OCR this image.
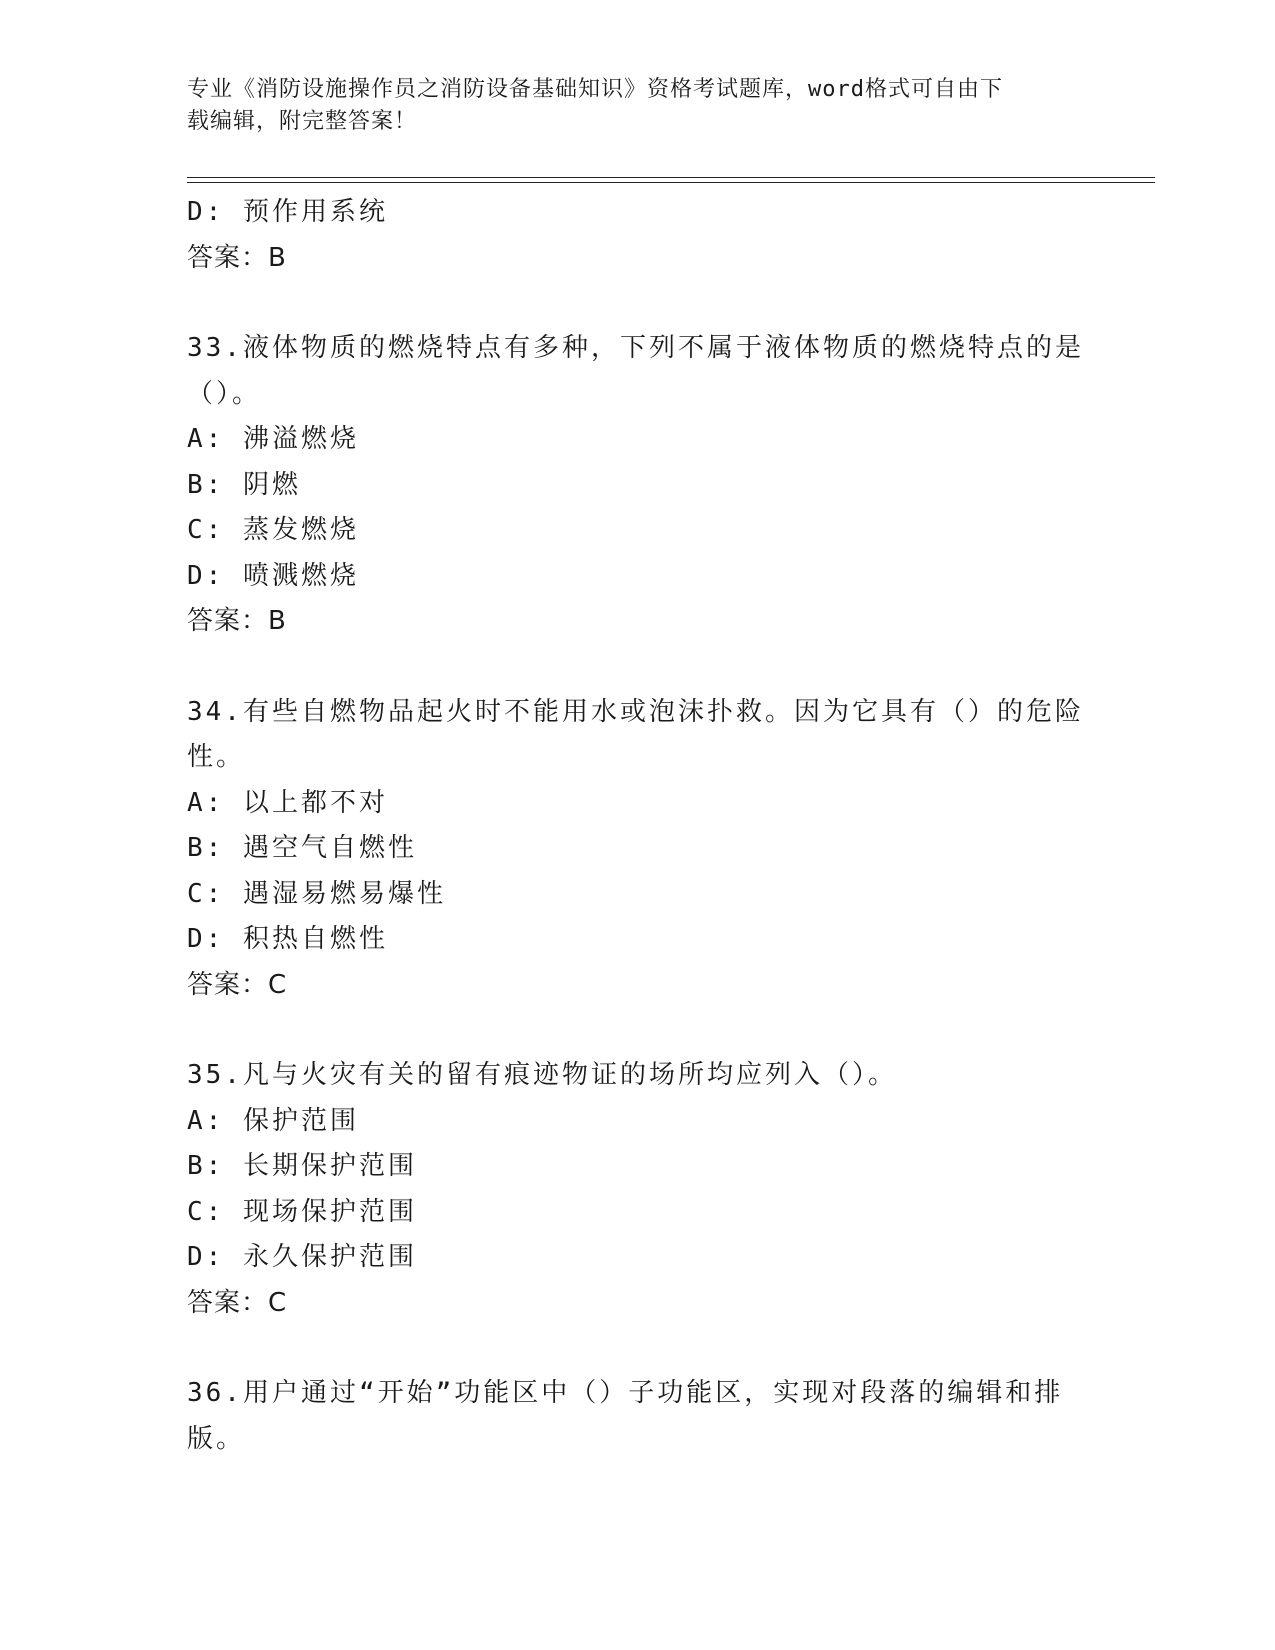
专业《消防设施操作员之消防设备基础知识》资格考试题库，word格式可自由下
载编辑，附完整答案！
D: 预作用系统
答案：B
33.液体物质的燃烧特点有多种，下列不属于液体物质的燃烧特点的是
（）。
A: 沸溢燃烧
B: 阴燃
C: 蒸发燃烧
D: 喷溅燃烧
答案：B
34.有些自燃物品起火时不能用水或泡沫扑救。因为它具有（）的危险
性。
A: 以上都不对
B: 遇空气自燃性
C: 遇湿易燃易爆性
D: 积热自燃性
答案：C
35.凡与火灾有关的留有痕迹物证的场所均应列入（）。
A: 保护范围
B: 长期保护范围
C: 现场保护范围
D: 永久保护范围
答案：C
36.用户通过“开始”功能区中（）子功能区，实现对段落的编辑和排
版。
